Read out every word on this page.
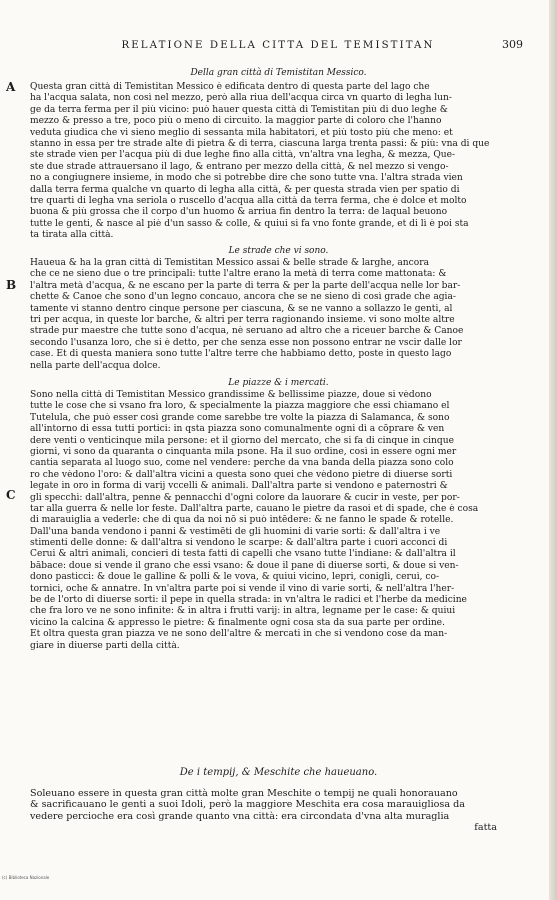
RELATIONE DELLA CITTA DEL TEMISTITAN	309
Della gran città di Temistitan Messico.
A Questa gran città di Temistitan Messico è edificata dentro di questa parte del lago che
ha l'acqua salata, non così nel mezzo, però alla riua dell'acqua circa vn quarto di legha lun-
ge da terra ferma per il più vicino: può hauer questa città di Temistitan più di duo leghe &
mezzo & presso a tre, poco più o meno di circuito. la maggior parte di coloro che l'hanno
veduta giudica che vi sieno meglio di sessanta mila habitatori, et più tosto più che meno: et
stanno in essa per tre strade alte di pietra & di terra, ciascuna larga trenta passi: & più: vna di que
ste strade vien per l'acqua più di due leghe fino alla città, vn'altra vna legha, & mezza, Que-
ste due strade attrauersano il lago, & entrano per mezzo della città, & nel mezzo si vengo-
no a congiugnere insieme, in modo che si potrebbe dire che sono tutte vna. l'altra strada vien
dalla terra ferma qualche vn quarto di legha alla città, & per questa strada vien per spatio di
tre quarti di legha vna seriola o ruscello d'acqua alla città da terra ferma, che è dolce et molto
buona & più grossa che il corpo d'un huomo & arriua fin dentro la terra: de laqual beuono
tutte le genti, & nasce al piè d'un sasso & colle, & quiui si fa vno fonte grande, et di lì è poi sta
ta tirata alla città.
Le strade che vi sono.
B
Haueua & ha la gran città di Temistitan Messico assai & belle strade & larghe, ancora
che ce ne sieno due o tre principali: tutte l'altre erano la metà di terra come mattonata: &
l'altra metà d'acqua, & ne escano per la parte di terra & per la parte dell'acqua nelle lor bar-
chette & Canoe che sono d'un legno concauo, ancora che se ne sieno di così grade che agia-
tamente vi stanno dentro cinque persone per ciascuna, & se ne vanno a sollazzo le genti, al
tri per acqua, in queste lor barche, & altri per terra ragionando insieme. vi sono molte altre
strade pur maestre che tutte sono d'acqua, nè seruano ad altro che a riceuer barche & Canoe
secondo l'usanza loro, che si è detto, per che senza esse non possono entrar ne vscir dalle lor
case. Et di questa maniera sono tutte l'altre terre che habbiamo detto, poste in questo lago
nella parte dell'acqua dolce.
Le piazze & i mercati.
C
Sono nella città di Temistitan Messico grandissime & bellissime piazze, doue si vèdono
tutte le cose che si vsano fra loro, & specialmente la piazza maggiore che essi chiamano el
Tutelula, che può esser così grande come sarebbe tre volte la piazza di Salamanca, & sono
all'intorno di essa tutti portici: in qsta piazza sono comunalmente ogni dì a cōprare & ven
dere venti o venticinque mila persone: et il giorno del mercato, che si fa di cinque in cinque
giorni, vi sono da quaranta o cinquanta mila psone. Ha il suo ordine, così in essere ogni mer
cantia separata al luogo suo, come nel vendere: perche da vna banda della piazza sono colo
ro che vèdono l'oro: & dall'altra vicini a questa sono quei che vèdono pietre di diuerse sorti
legate in oro in forma di varij vccelli & animali. Dall'altra parte si vendono e paternostri &
gli specchi: dall'altra, penne & pennacchi d'ogni colore da lauorare & cucir in veste, per por-
tar alla guerra & nelle lor feste. Dall'altra parte, cauano le pietre da rasoi et di spade, che è cosa
di marauiglia a vederle: che di qua da noi nō si può intēdere: & ne fanno le spade & rotelle.
Dall'una banda vendono i panni & vestimēti de gli huomini di varie sorti: & dall'altra i ve
stimenti delle donne: & dall'altra si vendono le scarpe: & dall'altra parte i cuori acconci di
Cerui & altri animali, concieri di testa fatti di capelli che vsano tutte l'indiane: & dall'altra il
bābace: doue si vende il grano che essi vsano: & doue il pane di diuerse sorti, & doue si ven-
dono pasticci: & doue le galline & polli & le vova, & quiui vicino, lepri, conigli, ceruì, co-
tornici, oche & annatre. In vn'altra parte poi si vende il vino di varie sorti, & nell'altra l'her-
be de l'orto di diuerse sorti: il pepe in quella strada: in vn'altra le radici et l'herbe da medicine
che fra loro ve ne sono infinite: & in altra i frutti varij: in altra, legname per le case: & quiui
vicino la calcina & appresso le pietre: & finalmente ogni cosa sta da sua parte per ordine.
Et oltra questa gran piazza ve ne sono dell'altre & mercati in che si vendono cose da man-
giare in diuerse parti della città.
De i tempij, & Meschite che haueuano.
Soleuano essere in questa gran città molte gran Meschite o tempij ne quali honorauano
& sacrificauano le genti a suoi Idoli, però la maggiore Meschita era cosa marauigliosa da
vedere percioche era così grande quanto vna città: era circondata d'vna alta muraglia
fatta
(c) Biblioteca Nazionale
